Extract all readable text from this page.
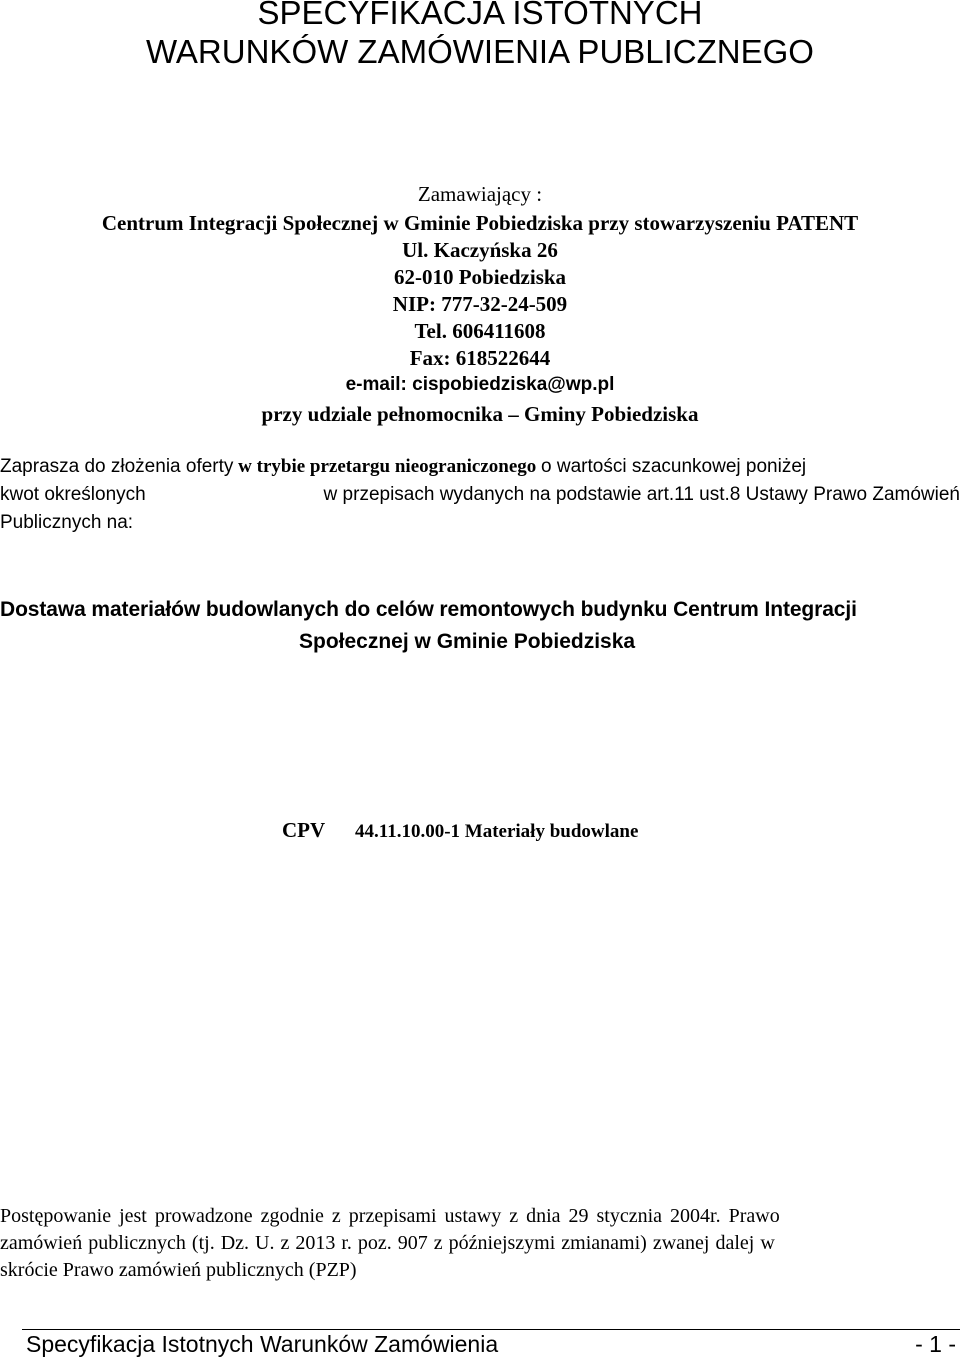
SPECYFIKACJA ISTOTNYCH
WARUNKÓW ZAMÓWIENIA PUBLICZNEGO
Zamawiający :
Centrum Integracji Społecznej w Gminie Pobiedziska przy stowarzyszeniu PATENT
Ul. Kaczyńska 26
62-010 Pobiedziska
NIP: 777-32-24-509
Tel. 606411608
Fax: 618522644
e-mail: cispobiedziska@wp.pl
przy udziale pełnomocnika – Gminy Pobiedziska
Zaprasza do złożenia oferty w trybie przetargu nieograniczonego o wartości szacunkowej poniżej
kwot określonych	w przepisach wydanych na podstawie art.11 ust.8 Ustawy Prawo Zamówień
Publicznych na:
Dostawa materiałów budowlanych do celów remontowych budynku Centrum Integracji
Społecznej w Gminie Pobiedziska
CPV 44.11.10.00-1 Materiały budowlane
Postępowanie jest prowadzone zgodnie z przepisami ustawy z dnia 29 stycznia 2004r. Prawo
zamówień publicznych (tj. Dz. U. z 2013 r. poz. 907 z późniejszymi zmianami) zwanej dalej w
skrócie Prawo zamówień publicznych (PZP)
Specyfikacja Istotnych Warunków Zamówienia	- 1 -
